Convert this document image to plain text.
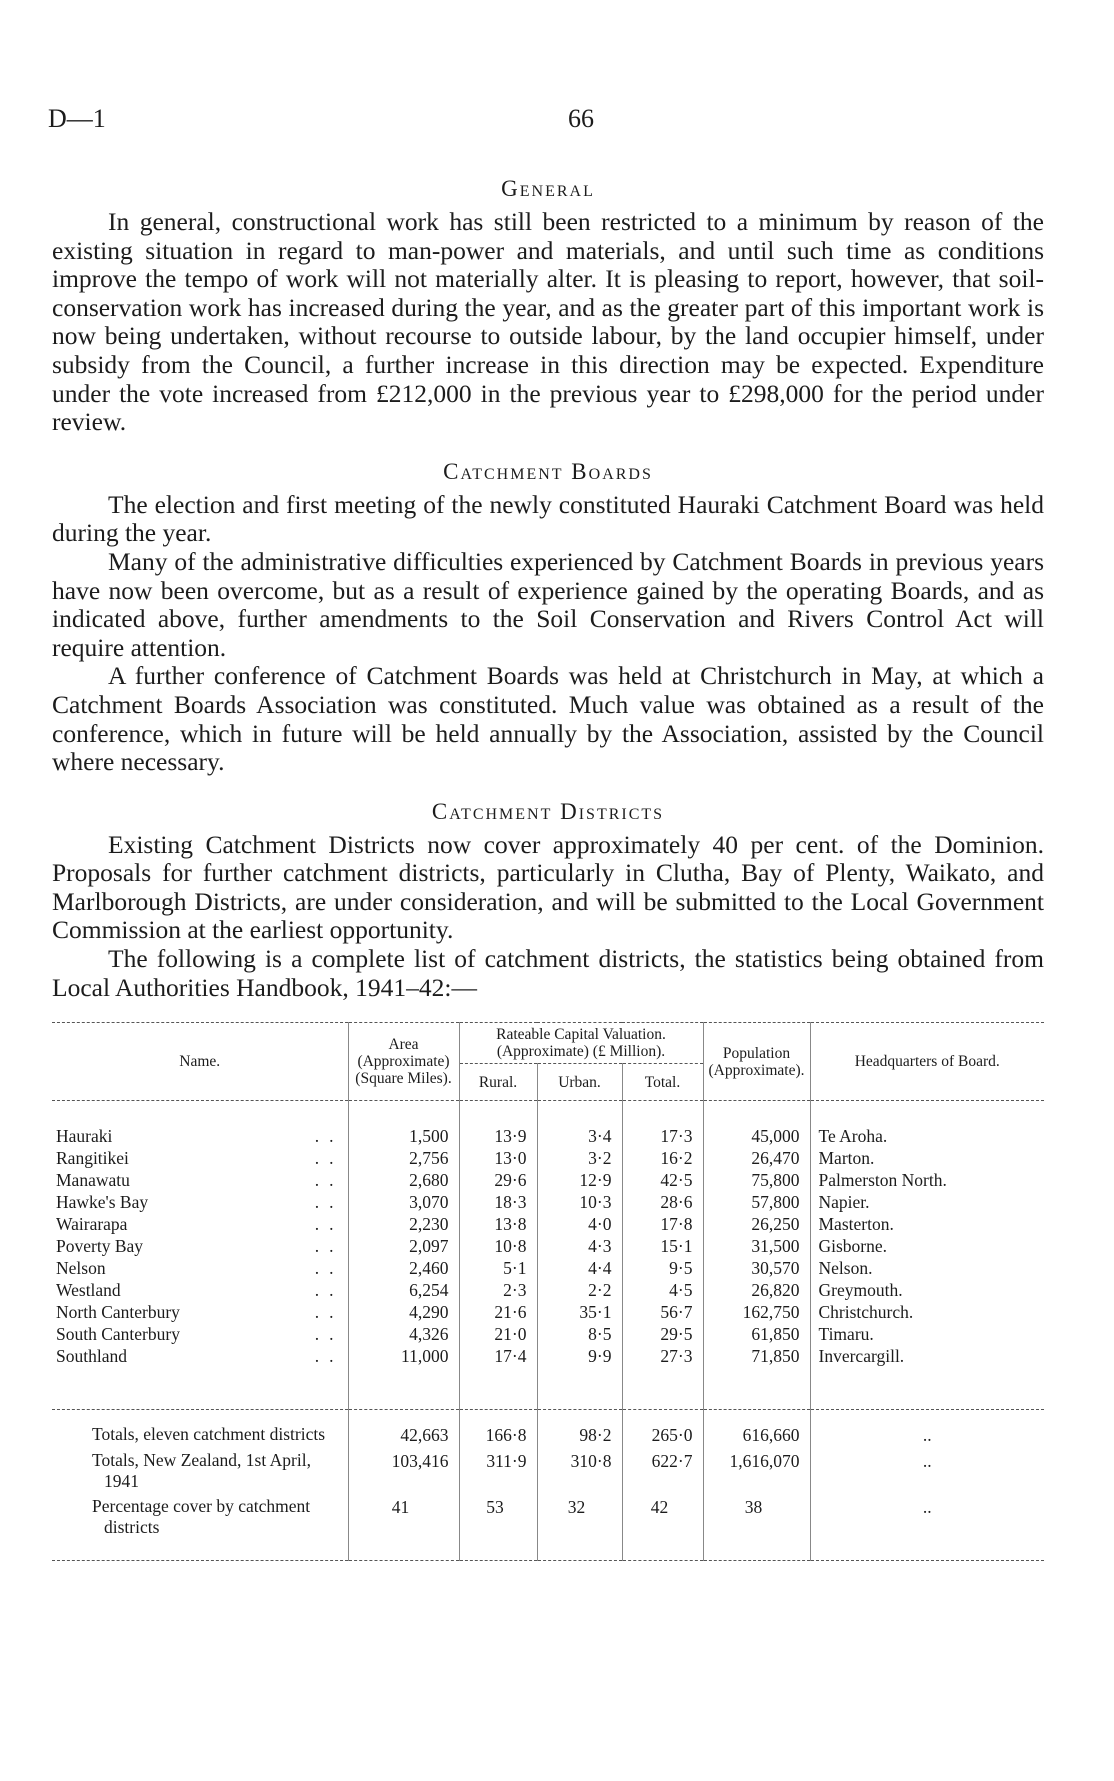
D—1	66
General

In general, constructional work has still been restricted to a minimum by reason of the existing situation in regard to man-power and materials, and until such time as conditions improve the tempo of work will not materially alter. It is pleasing to report, however, that soil-conservation work has increased during the year, and as the greater part of this important work is now being undertaken, without recourse to outside labour, by the land occupier himself, under subsidy from the Council, a further increase in this direction may be expected. Expenditure under the vote increased from £212,000 in the previous year to £298,000 for the period under review.

Catchment Boards

The election and first meeting of the newly constituted Hauraki Catchment Board was held during the year.

Many of the administrative difficulties experienced by Catchment Boards in previous years have now been overcome, but as a result of experience gained by the operating Boards, and as indicated above, further amendments to the Soil Conservation and Rivers Control Act will require attention.

A further conference of Catchment Boards was held at Christchurch in May, at which a Catchment Boards Association was constituted. Much value was obtained as a result of the conference, which in future will be held annually by the Association, assisted by the Council where necessary.

Catchment Districts

Existing Catchment Districts now cover approximately 40 per cent. of the Dominion. Proposals for further catchment districts, particularly in Clutha, Bay of Plenty, Waikato, and Marlborough Districts, are under consideration, and will be submitted to the Local Government Commission at the earliest opportunity.

The following is a complete list of catchment districts, the statistics being obtained from Local Authorities Handbook, 1941–42:—

Name.	Area (Approximate) (Square Miles).	Rateable Capital Valuation. (Approximate) (£ Million).			Population (Approximate).	Headquarters of Board.
		Rural.	Urban.	Total.		
Hauraki ..	1,500	13·9	3·4	17·3	45,000	Te Aroha.
Rangitikei ..	2,756	13·0	3·2	16·2	26,470	Marton.
Manawatu ..	2,680	29·6	12·9	42·5	75,800	Palmerston North.
Hawke's Bay ..	3,070	18·3	10·3	28·6	57,800	Napier.
Wairarapa ..	2,230	13·8	4·0	17·8	26,250	Masterton.
Poverty Bay ..	2,097	10·8	4·3	15·1	31,500	Gisborne.
Nelson ..	2,460	5·1	4·4	9·5	30,570	Nelson.
Westland ..	6,254	2·3	2·2	4·5	26,820	Greymouth.
North Canterbury ..	4,290	21·6	35·1	56·7	162,750	Christchurch.
South Canterbury ..	4,326	21·0	8·5	29·5	61,850	Timaru.
Southland ..	11,000	17·4	9·9	27·3	71,850	Invercargill.
Totals, eleven catchment districts	42,663	166·8	98·2	265·0	616,660	..
Totals, New Zealand, 1st April, 1941	103,416	311·9	310·8	622·7	1,616,070	..
Percentage cover by catchment districts	41	53	32	42	38	..
